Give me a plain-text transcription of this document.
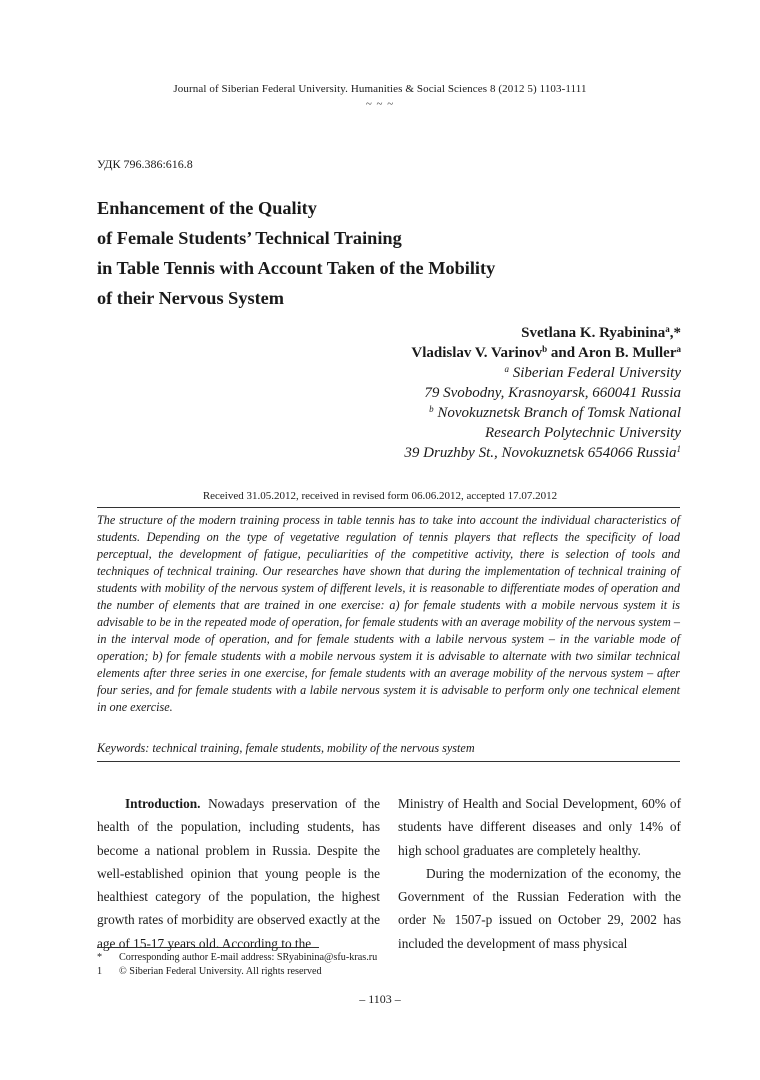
Journal of Siberian Federal University. Humanities & Social Sciences 8 (2012 5) 1103-1111
~ ~ ~
УДК 796.386:616.8
Enhancement of the Quality
of Female Students’ Technical Training
in Table Tennis with Account Taken of the Mobility
of their Nervous System
Svetlana K. Ryabinina$^a$,*
Vladislav V. Varinov$^b$ and Aron B. Muller$^a$
$^a$ Siberian Federal University
79 Svobodny, Krasnoyarsk, 660041 Russia
$^b$ Novokuznetsk Branch of Tomsk National
Research Polytechnic University
39 Druzhby St., Novokuznetsk 654066 Russia$^1$
Received 31.05.2012, received in revised form 06.06.2012, accepted 17.07.2012

The structure of the modern training process in table tennis has to take into account the individual characteristics of students. Depending on the type of vegetative regulation of tennis players that reflects the specificity of load perceptual, the development of fatigue, peculiarities of the competitive activity, there is selection of tools and techniques of technical training. Our researches have shown that during the implementation of technical training of students with mobility of the nervous system of different levels, it is reasonable to differentiate modes of operation and the number of elements that are trained in one exercise: a) for female students with a mobile nervous system it is advisable to be in the repeated mode of operation, for female students with an average mobility of the nervous system – in the interval mode of operation, and for female students with a labile nervous system – in the variable mode of operation; b) for female students with a mobile nervous system it is advisable to alternate with two similar technical elements after three series in one exercise, for female students with an average mobility of the nervous system – after four series, and for female students with a labile nervous system it is advisable to perform only one technical element in one exercise.

Keywords: technical training, female students, mobility of the nervous system

Introduction. Nowadays preservation of the health of the population, including students, has become a national problem in Russia. Despite the well-established opinion that young people is the healthiest category of the population, the highest growth rates of morbidity are observed exactly at the age of 15-17 years old. According to the

Ministry of Health and Social Development, 60% of students have different diseases and only 14% of high school graduates are completely healthy.

During the modernization of the economy, the Government of the Russian Federation with the order № 1507-р issued on October 29, 2002 has included the development of mass physical

* Corresponding author E-mail address: SRyabinina@sfu-kras.ru
1 © Siberian Federal University. All rights reserved
– 1103 –
